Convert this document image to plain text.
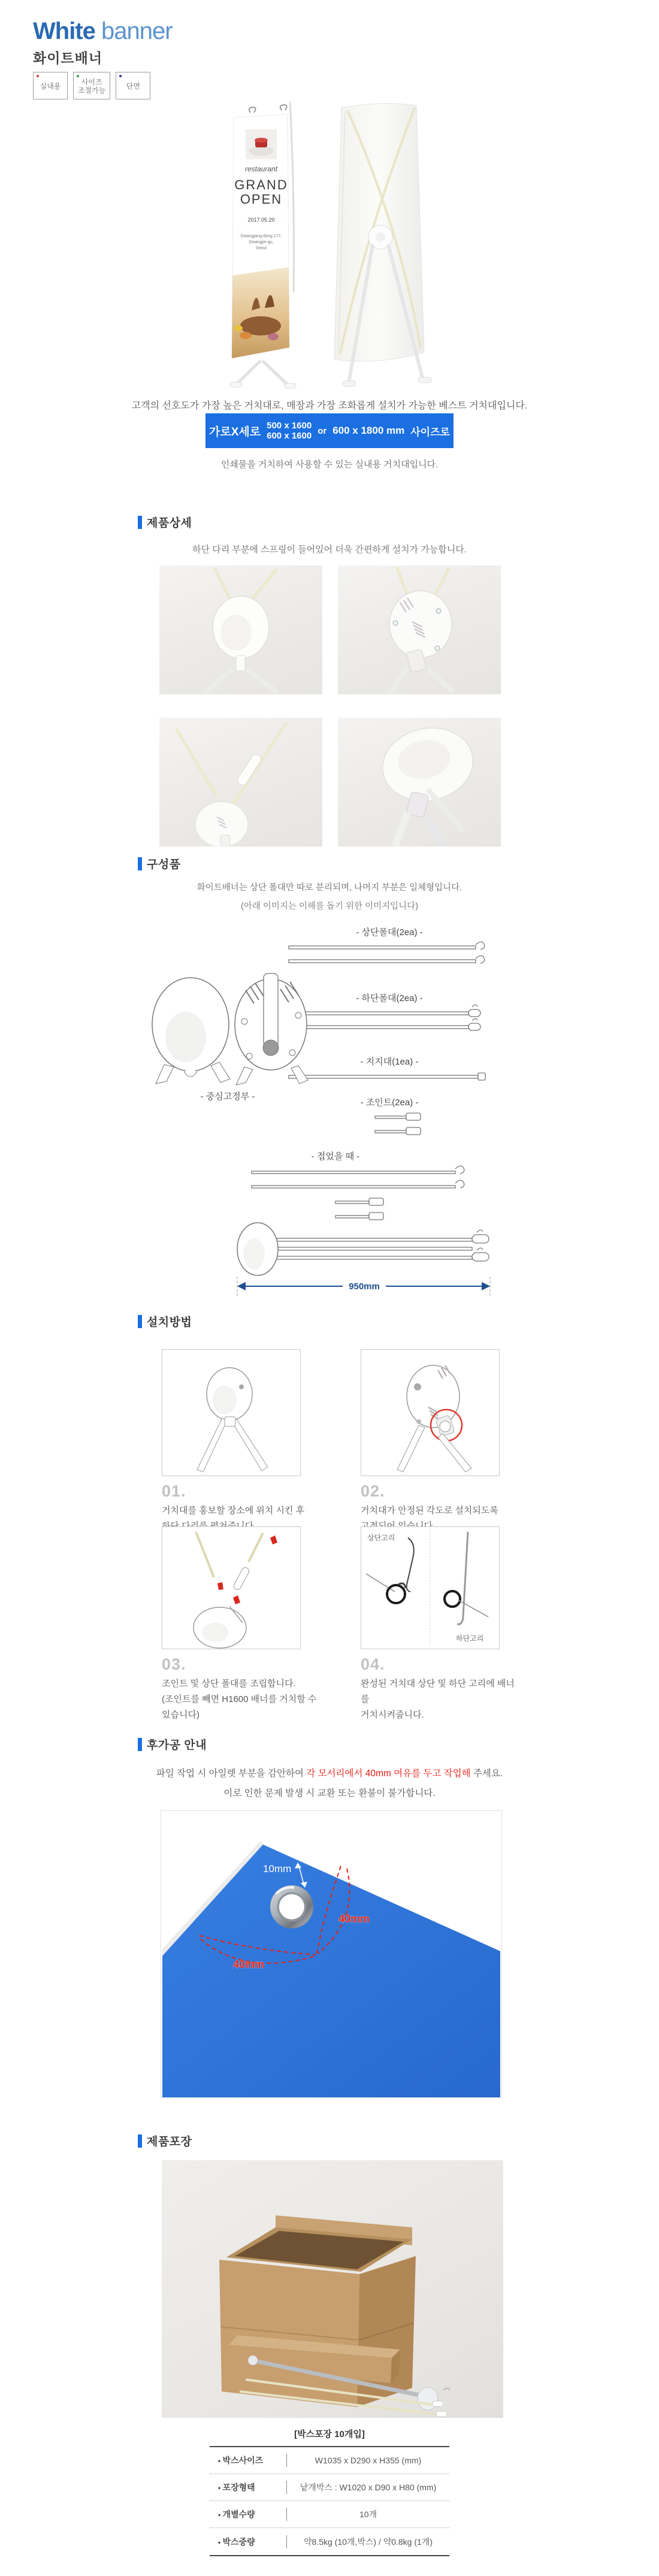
White banner
화이트배너
실내용	사이즈
조절가능	단면
restaurant
GRAND
OPEN
2017.05.20
Gwangjang-dong 177,
Gwangjin-gu,
Seoul
고객의 선호도가 가장 높은 거치대로, 매장과 가장 조화롭게 설치가 가능한 베스트 거치대입니다.
가로X세로 500 x 1600
600 x 1600 or 600 x 1800 mm 사이즈로
인쇄물을 거치하여 사용할 수 있는 실내용 거치대입니다.
제품상세
하단 다리 부분에 스프링이 들어있어 더욱 간편하게 설치가 가능합니다.
구성품
화이트배너는 상단 폴대만 따로 분리되며, 나머지 부분은 일체형입니다.
(아래 이미지는 이해를 돕기 위한 이미지입니다)
- 상단폴대(2ea) -
- 하단폴대(2ea) -
- 지지대(1ea) -
- 조인트(2ea) -
- 중심고정부 -
- 접었을 때 -
950mm
설치방법
01.
거치대를 홍보할 장소에 위치 시킨 후
02.
거치대가 안정된 각도로 설치되도록
03.
조인트 및 상단 폴대를 조립합니다.
(조인트를 빼면 H1600 배너를 거치할 수
있습니다)
상단고리
하단고리
04.
완성된 거치대 상단 및 하단 고리에 배너를
거치시켜줍니다.
후가공 안내
파일 작업 시 아일렛 부분을 감안하여 각 모서리에서 40mm 여유를 두고 작업해 주세요.
이로 인한 문제 발생 시 교환 또는 환불이 불가합니다.
10mm
40mm
40mm
제품포장
[박스포장 10개입]
• 박스사이즈	W1035 x D290 x H355 (mm)
• 포장형태	낱개박스 : W1020 x D90 x H80 (mm)
• 개별수량	10개
• 박스중량	약8.5kg (10개,박스) / 약0.8kg (1개)
